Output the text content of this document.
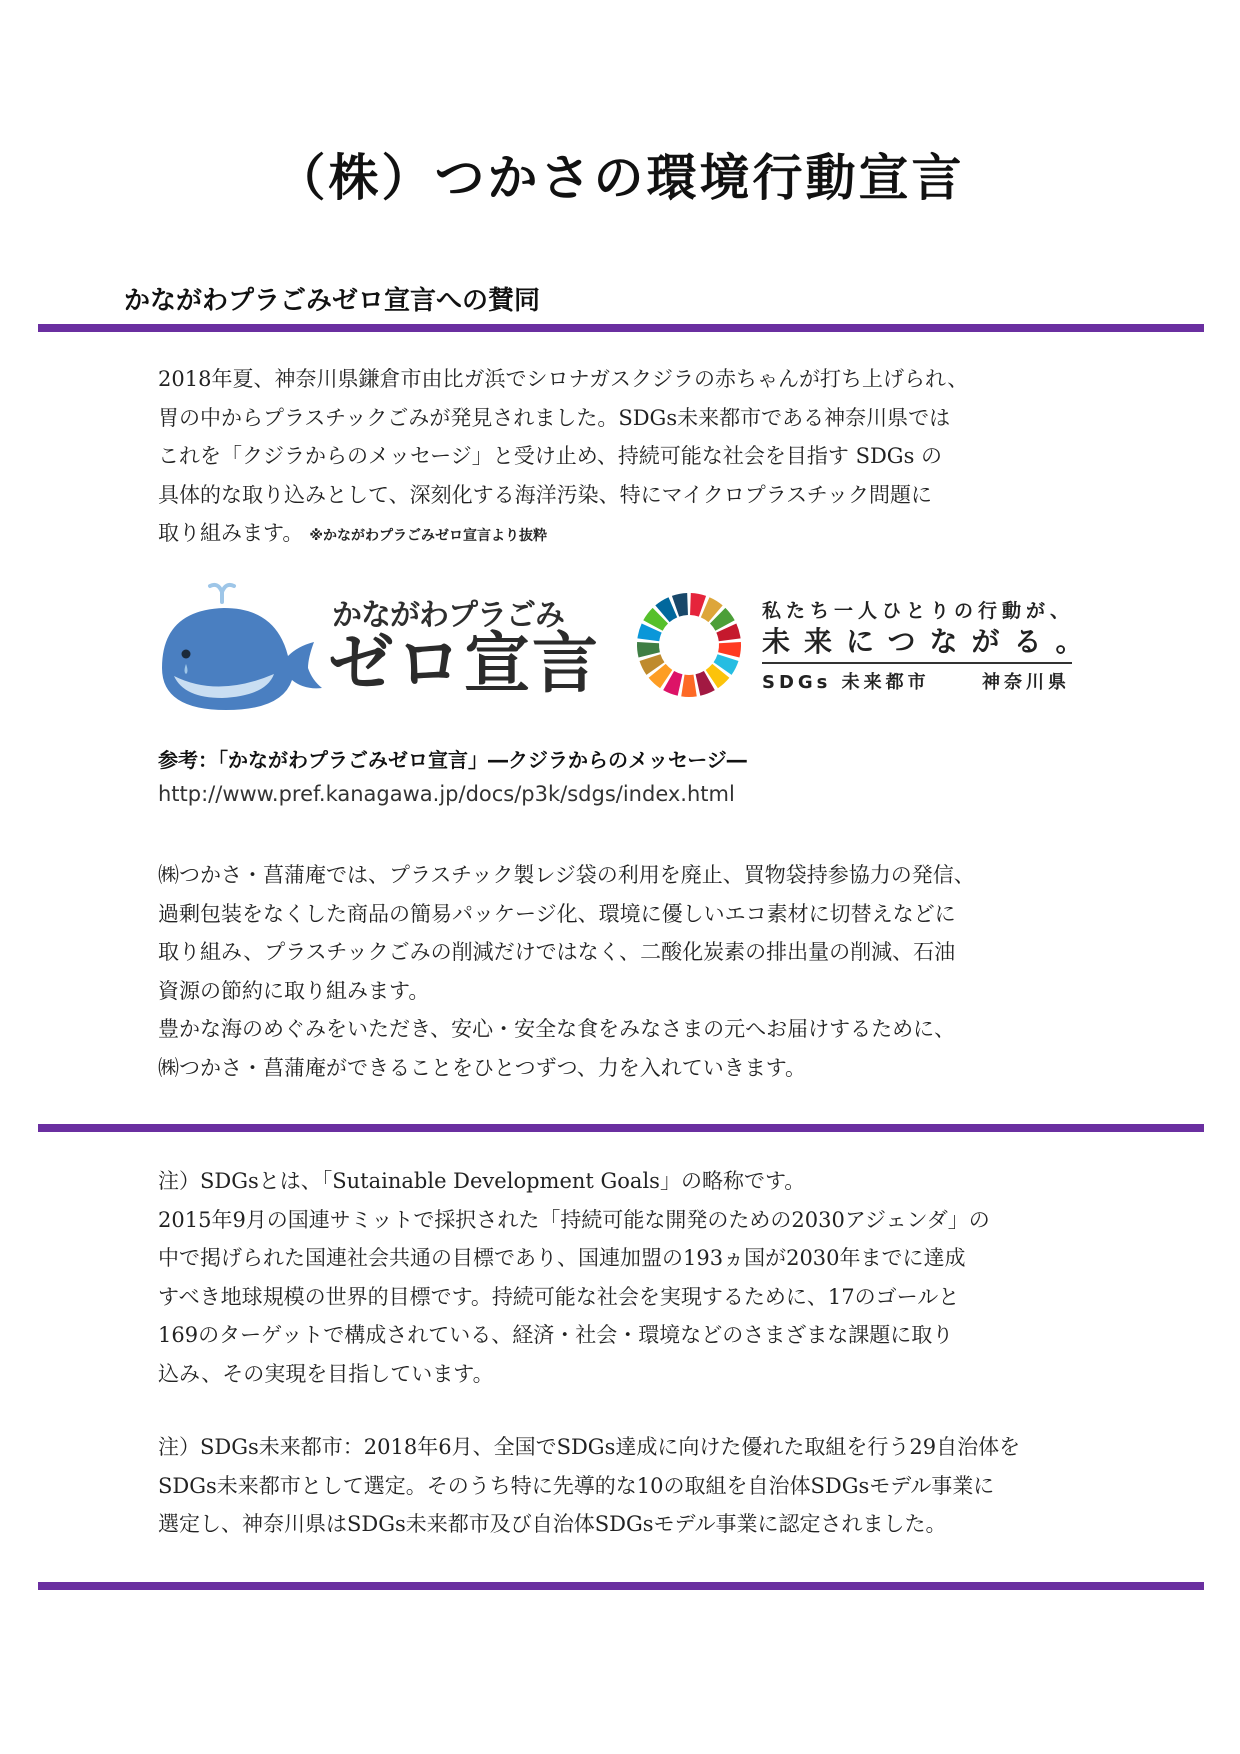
（株）つかさの環境行動宣言
かながわプラごみゼロ宣言への賛同
2018年夏、神奈川県鎌倉市由比ガ浜でシロナガスクジラの赤ちゃんが打ち上げられ、
胃の中からプラスチックごみが発見されました。SDGs未来都市である神奈川県では
これを「クジラからのメッセージ」と受け止め、持続可能な社会を目指す SDGs の
具体的な取り込みとして、深刻化する海洋汚染、特にマイクロプラスチック問題に
取り組みます。 ※かながわプラごみゼロ宣言より抜粋
かながわプラごみ
ゼロ宣言
私たち一人ひとりの行動が、
未来につながる。
SDGs 未来都市	神奈川県
参考：「かながわプラごみゼロ宣言」―クジラからのメッセージ―
http://www.pref.kanagawa.jp/docs/p3k/sdgs/index.html
㈱つかさ・菖蒲庵では、プラスチック製レジ袋の利用を廃止、買物袋持参協力の発信、
過剰包装をなくした商品の簡易パッケージ化、環境に優しいエコ素材に切替えなどに
取り組み、プラスチックごみの削減だけではなく、二酸化炭素の排出量の削減、石油
資源の節約に取り組みます。
豊かな海のめぐみをいただき、安心・安全な食をみなさまの元へお届けするために、
㈱つかさ・菖蒲庵ができることをひとつずつ、力を入れていきます。
注）SDGsとは、「Sutainable Development Goals」の略称です。
2015年9月の国連サミットで採択された「持続可能な開発のための2030アジェンダ」の
中で掲げられた国連社会共通の目標であり、国連加盟の193ヵ国が2030年までに達成
すべき地球規模の世界的目標です。持続可能な社会を実現するために、17のゴールと
169のターゲットで構成されている、経済・社会・環境などのさまざまな課題に取り
込み、その実現を目指しています。
注）SDGs未来都市：2018年6月、全国でSDGs達成に向けた優れた取組を行う29自治体を
SDGs未来都市として選定。そのうち特に先導的な10の取組を自治体SDGsモデル事業に
選定し、神奈川県はSDGs未来都市及び自治体SDGsモデル事業に認定されました。
